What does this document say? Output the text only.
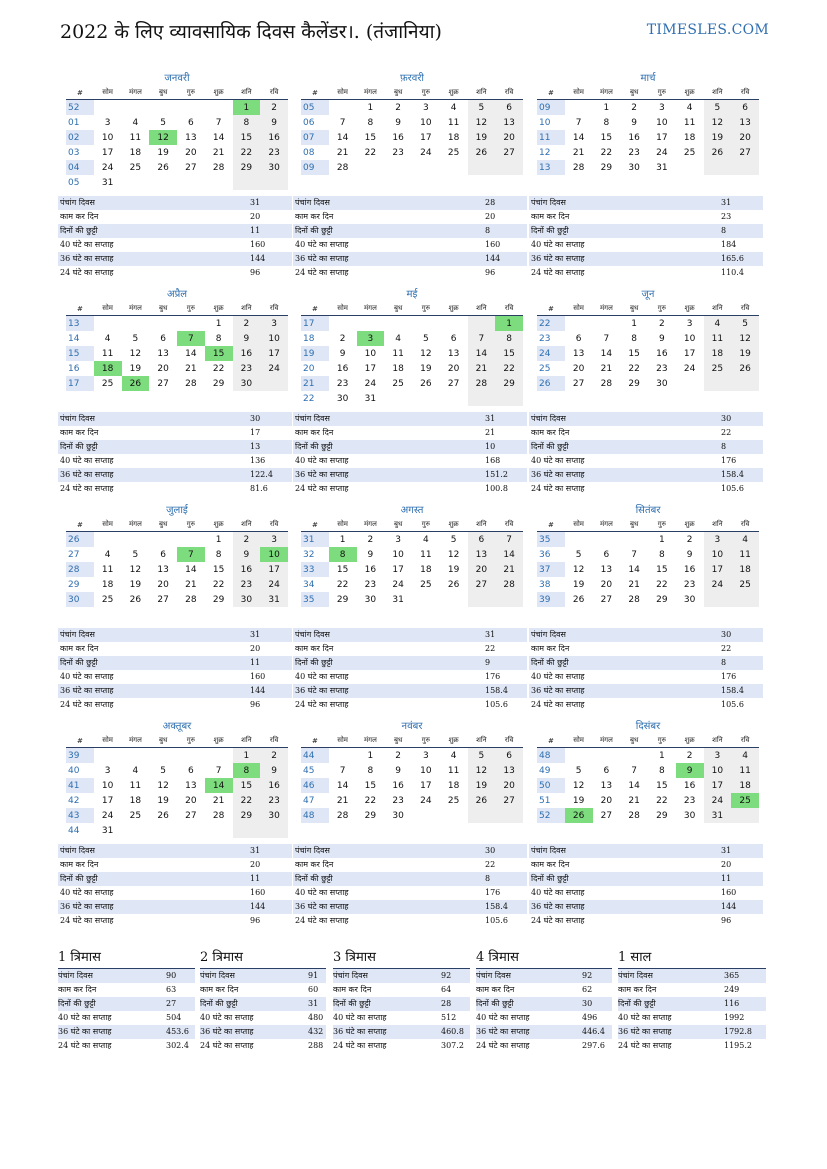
2022 के लिए व्यावसायिक दिवस कैलेंडर।. (तंजानिया)	TIMESLES.COM
जनवरी
#	सोम	मंगल	बुध	गुरु	शुक्र	शनि	रवि
52						1	2
01	3	4	5	6	7	8	9
02	10	11	12	13	14	15	16
03	17	18	19	20	21	22	23
04	24	25	26	27	28	29	30
05	31						
पंचांग दिवस	31
काम कर दिन	20
दिनों की छुट्टी	11
40 घंटे का सप्ताह	160
36 घंटे का सप्ताह	144
24 घंटे का सप्ताह	96
फ़रवरी
#	सोम	मंगल	बुध	गुरु	शुक्र	शनि	रवि
05		1	2	3	4	5	6
06	7	8	9	10	11	12	13
07	14	15	16	17	18	19	20
08	21	22	23	24	25	26	27
09	28						
पंचांग दिवस	28
काम कर दिन	20
दिनों की छुट्टी	8
40 घंटे का सप्ताह	160
36 घंटे का सप्ताह	144
24 घंटे का सप्ताह	96
मार्च
#	सोम	मंगल	बुध	गुरु	शुक्र	शनि	रवि
09		1	2	3	4	5	6
10	7	8	9	10	11	12	13
11	14	15	16	17	18	19	20
12	21	22	23	24	25	26	27
13	28	29	30	31			
पंचांग दिवस	31
काम कर दिन	23
दिनों की छुट्टी	8
40 घंटे का सप्ताह	184
36 घंटे का सप्ताह	165.6
24 घंटे का सप्ताह	110.4
अप्रैल
#	सोम	मंगल	बुध	गुरु	शुक्र	शनि	रवि
13					1	2	3
14	4	5	6	7	8	9	10
15	11	12	13	14	15	16	17
16	18	19	20	21	22	23	24
17	25	26	27	28	29	30	
पंचांग दिवस	30
काम कर दिन	17
दिनों की छुट्टी	13
40 घंटे का सप्ताह	136
36 घंटे का सप्ताह	122.4
24 घंटे का सप्ताह	81.6
मई
#	सोम	मंगल	बुध	गुरु	शुक्र	शनि	रवि
17							1
18	2	3	4	5	6	7	8
19	9	10	11	12	13	14	15
20	16	17	18	19	20	21	22
21	23	24	25	26	27	28	29
22	30	31					
पंचांग दिवस	31
काम कर दिन	21
दिनों की छुट्टी	10
40 घंटे का सप्ताह	168
36 घंटे का सप्ताह	151.2
24 घंटे का सप्ताह	100.8
जून
#	सोम	मंगल	बुध	गुरु	शुक्र	शनि	रवि
22			1	2	3	4	5
23	6	7	8	9	10	11	12
24	13	14	15	16	17	18	19
25	20	21	22	23	24	25	26
26	27	28	29	30			
पंचांग दिवस	30
काम कर दिन	22
दिनों की छुट्टी	8
40 घंटे का सप्ताह	176
36 घंटे का सप्ताह	158.4
24 घंटे का सप्ताह	105.6
जुलाई
#	सोम	मंगल	बुध	गुरु	शुक्र	शनि	रवि
26					1	2	3
27	4	5	6	7	8	9	10
28	11	12	13	14	15	16	17
29	18	19	20	21	22	23	24
30	25	26	27	28	29	30	31
पंचांग दिवस	31
काम कर दिन	20
दिनों की छुट्टी	11
40 घंटे का सप्ताह	160
36 घंटे का सप्ताह	144
24 घंटे का सप्ताह	96
अगस्त
#	सोम	मंगल	बुध	गुरु	शुक्र	शनि	रवि
31	1	2	3	4	5	6	7
32	8	9	10	11	12	13	14
33	15	16	17	18	19	20	21
34	22	23	24	25	26	27	28
35	29	30	31				
पंचांग दिवस	31
काम कर दिन	22
दिनों की छुट्टी	9
40 घंटे का सप्ताह	176
36 घंटे का सप्ताह	158.4
24 घंटे का सप्ताह	105.6
सितंबर
#	सोम	मंगल	बुध	गुरु	शुक्र	शनि	रवि
35				1	2	3	4
36	5	6	7	8	9	10	11
37	12	13	14	15	16	17	18
38	19	20	21	22	23	24	25
39	26	27	28	29	30		
पंचांग दिवस	30
काम कर दिन	22
दिनों की छुट्टी	8
40 घंटे का सप्ताह	176
36 घंटे का सप्ताह	158.4
24 घंटे का सप्ताह	105.6
अक्तूबर
#	सोम	मंगल	बुध	गुरु	शुक्र	शनि	रवि
39						1	2
40	3	4	5	6	7	8	9
41	10	11	12	13	14	15	16
42	17	18	19	20	21	22	23
43	24	25	26	27	28	29	30
44	31						
पंचांग दिवस	31
काम कर दिन	20
दिनों की छुट्टी	11
40 घंटे का सप्ताह	160
36 घंटे का सप्ताह	144
24 घंटे का सप्ताह	96
नवंबर
#	सोम	मंगल	बुध	गुरु	शुक्र	शनि	रवि
44		1	2	3	4	5	6
45	7	8	9	10	11	12	13
46	14	15	16	17	18	19	20
47	21	22	23	24	25	26	27
48	28	29	30				
पंचांग दिवस	30
काम कर दिन	22
दिनों की छुट्टी	8
40 घंटे का सप्ताह	176
36 घंटे का सप्ताह	158.4
24 घंटे का सप्ताह	105.6
दिसंबर
#	सोम	मंगल	बुध	गुरु	शुक्र	शनि	रवि
48				1	2	3	4
49	5	6	7	8	9	10	11
50	12	13	14	15	16	17	18
51	19	20	21	22	23	24	25
52	26	27	28	29	30	31	
पंचांग दिवस	31
काम कर दिन	20
दिनों की छुट्टी	11
40 घंटे का सप्ताह	160
36 घंटे का सप्ताह	144
24 घंटे का सप्ताह	96
1 त्रिमास
पंचांग दिवस	90
काम कर दिन	63
दिनों की छुट्टी	27
40 घंटे का सप्ताह	504
36 घंटे का सप्ताह	453.6
24 घंटे का सप्ताह	302.4
2 त्रिमास
पंचांग दिवस	91
काम कर दिन	60
दिनों की छुट्टी	31
40 घंटे का सप्ताह	480
36 घंटे का सप्ताह	432
24 घंटे का सप्ताह	288
3 त्रिमास
पंचांग दिवस	92
काम कर दिन	64
दिनों की छुट्टी	28
40 घंटे का सप्ताह	512
36 घंटे का सप्ताह	460.8
24 घंटे का सप्ताह	307.2
4 त्रिमास
पंचांग दिवस	92
काम कर दिन	62
दिनों की छुट्टी	30
40 घंटे का सप्ताह	496
36 घंटे का सप्ताह	446.4
24 घंटे का सप्ताह	297.6
1 साल
पंचांग दिवस	365
काम कर दिन	249
दिनों की छुट्टी	116
40 घंटे का सप्ताह	1992
36 घंटे का सप्ताह	1792.8
24 घंटे का सप्ताह	1195.2
